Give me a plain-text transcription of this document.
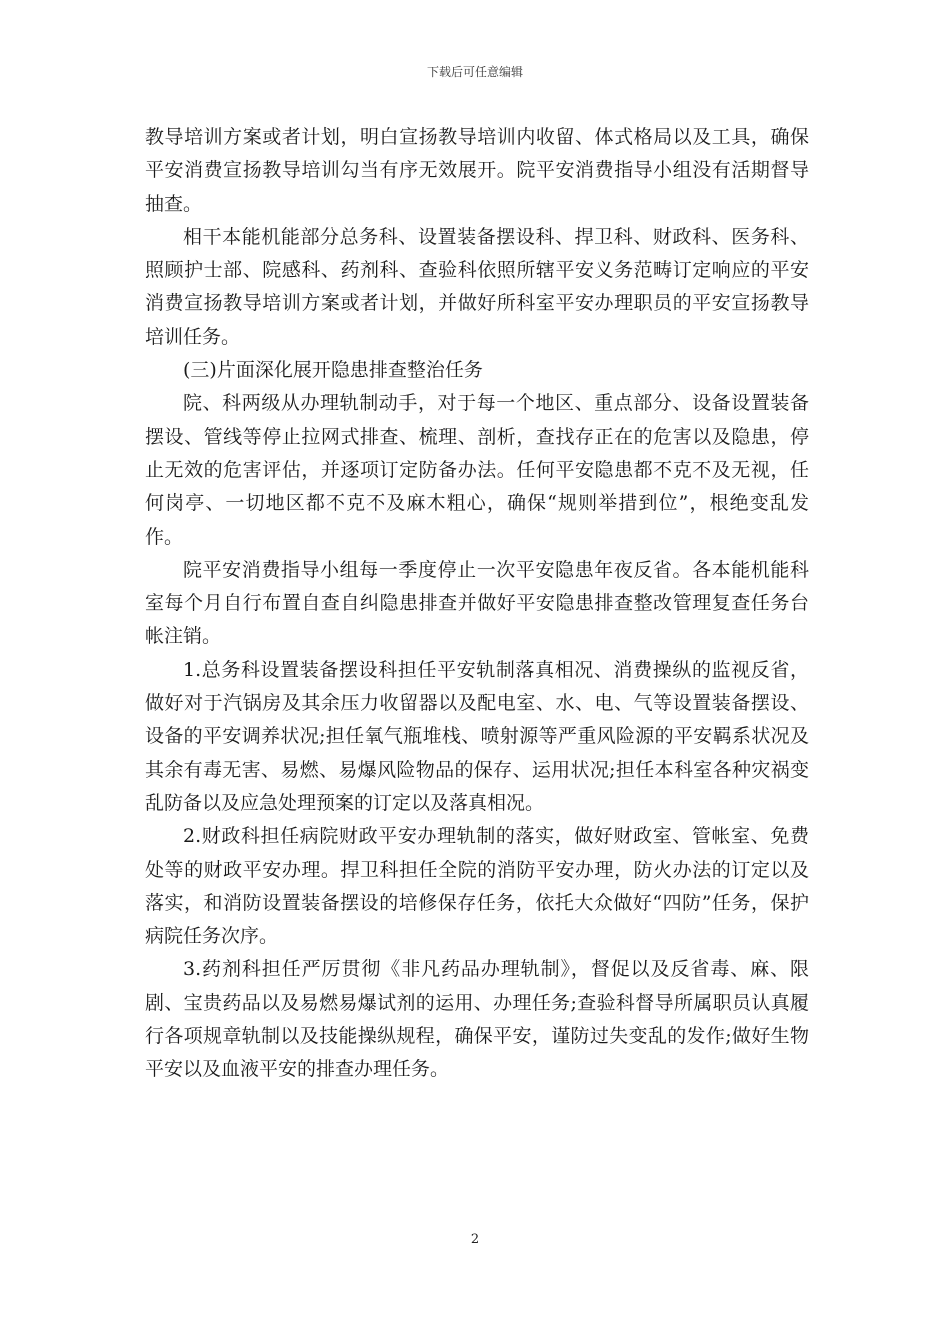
下载后可任意编辑

教导培训方案或者计划，明白宣扬教导培训内收留、体式格局以及工具，确保平安消费宣扬教导培训勾当有序无效展开。院平安消费指导小组没有活期督导抽查。

相干本能机能部分总务科、设置装备摆设科、捍卫科、财政科、医务科、照顾护士部、院感科、药剂科、查验科依照所辖平安义务范畴订定响应的平安消费宣扬教导培训方案或者计划，并做好所科室平安办理职员的平安宣扬教导培训任务。

(三)片面深化展开隐患排查整治任务

院、科两级从办理轨制动手，对于每一个地区、重点部分、设备设置装备摆设、管线等停止拉网式排查、梳理、剖析，查找存正在的危害以及隐患，停止无效的危害评估，并逐项订定防备办法。任何平安隐患都不克不及无视，任何岗亭、一切地区都不克不及麻木粗心，确保“规则举措到位”，根绝变乱发作。

院平安消费指导小组每一季度停止一次平安隐患年夜反省。各本能机能科室每个月自行布置自查自纠隐患排查并做好平安隐患排查整改管理复查任务台帐注销。

1.总务科设置装备摆设科担任平安轨制落真相况、消费操纵的监视反省，做好对于汽锅房及其余压力收留器以及配电室、水、电、气等设置装备摆设、设备的平安调养状况;担任氧气瓶堆栈、喷射源等严重风险源的平安羁系状况及其余有毒无害、易燃、易爆风险物品的保存、运用状况;担任本科室各种灾祸变乱防备以及应急处理预案的订定以及落真相况。

2.财政科担任病院财政平安办理轨制的落实，做好财政室、管帐室、免费处等的财政平安办理。捍卫科担任全院的消防平安办理，防火办法的订定以及落实，和消防设置装备摆设的培修保存任务，依托大众做好“四防”任务，保护病院任务次序。

3.药剂科担任严厉贯彻《非凡药品办理轨制》，督促以及反省毒、麻、限剧、宝贵药品以及易燃易爆试剂的运用、办理任务;查验科督导所属职员认真履行各项规章轨制以及技能操纵规程，确保平安，谨防过失变乱的发作;做好生物平安以及血液平安的排查办理任务。

2
